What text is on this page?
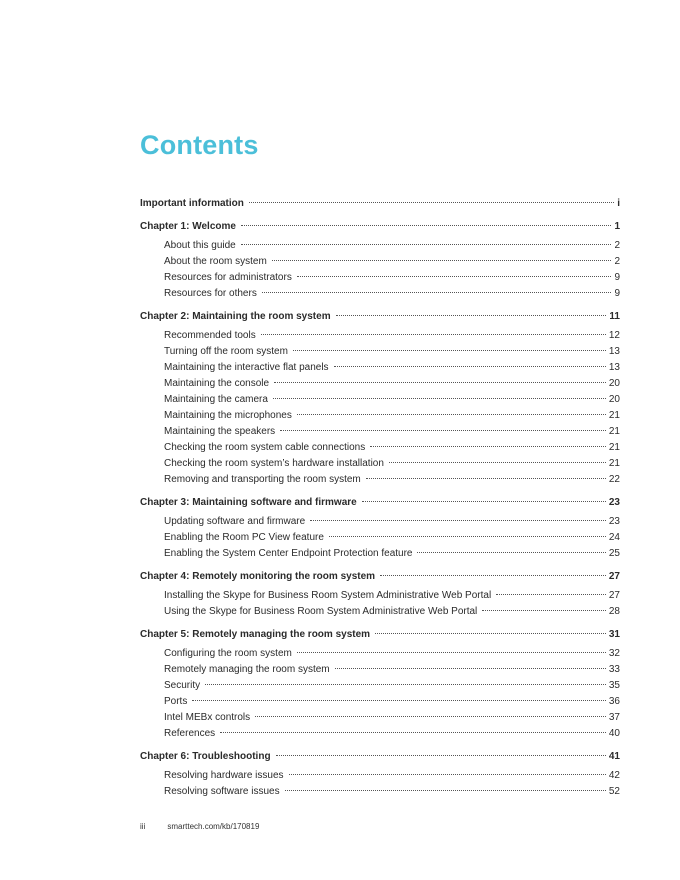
Contents
Important information	i
Chapter 1: Welcome	1
About this guide	2
About the room system	2
Resources for administrators	9
Resources for others	9
Chapter 2: Maintaining the room system	11
Recommended tools	12
Turning off the room system	13
Maintaining the interactive flat panels	13
Maintaining the console	20
Maintaining the camera	20
Maintaining the microphones	21
Maintaining the speakers	21
Checking the room system cable connections	21
Checking the room system’s hardware installation	21
Removing and transporting the room system	22
Chapter 3: Maintaining software and firmware	23
Updating software and firmware	23
Enabling the Room PC View feature	24
Enabling the System Center Endpoint Protection feature	25
Chapter 4: Remotely monitoring the room system	27
Installing the Skype for Business Room System Administrative Web Portal	27
Using the Skype for Business Room System Administrative Web Portal	28
Chapter 5: Remotely managing the room system	31
Configuring the room system	32
Remotely managing the room system	33
Security	35
Ports	36
Intel MEBx controls	37
References	40
Chapter 6: Troubleshooting	41
Resolving hardware issues	42
Resolving software issues	52
iii	smarttech.com/kb/170819
